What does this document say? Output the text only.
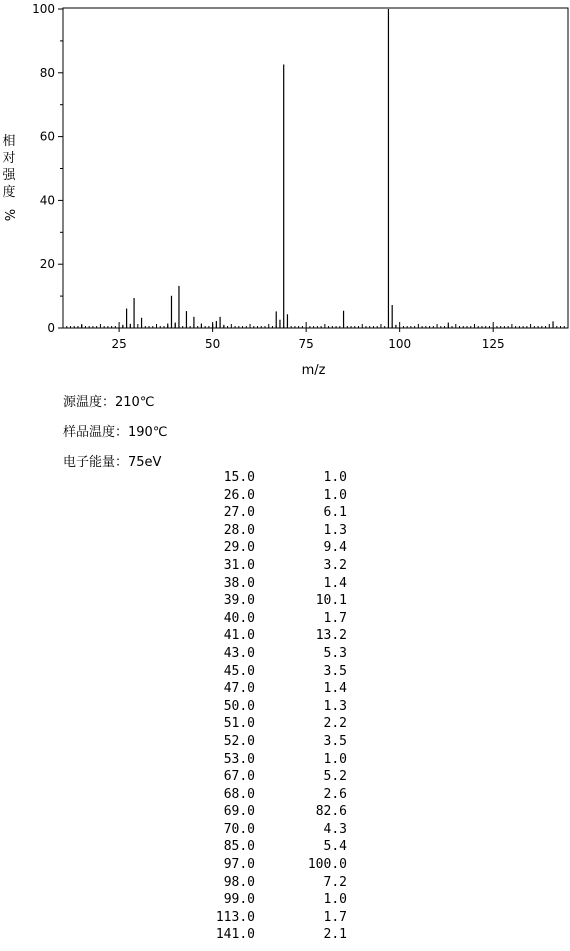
0
20
40
60
80
100
25	50	75	100	125
m/z
相
对
强
度
%
源温度：210℃
样品温度：190℃
电子能量：75eV
15.0	1.0
26.0	1.0
27.0	6.1
28.0	1.3
29.0	9.4
31.0	3.2
38.0	1.4
39.0	10.1
40.0	1.7
41.0	13.2
43.0	5.3
45.0	3.5
47.0	1.4
50.0	1.3
51.0	2.2
52.0	3.5
53.0	1.0
67.0	5.2
68.0	2.6
69.0	82.6
70.0	4.3
85.0	5.4
97.0	100.0
98.0	7.2
99.0	1.0
113.0	1.7
141.0	2.1
